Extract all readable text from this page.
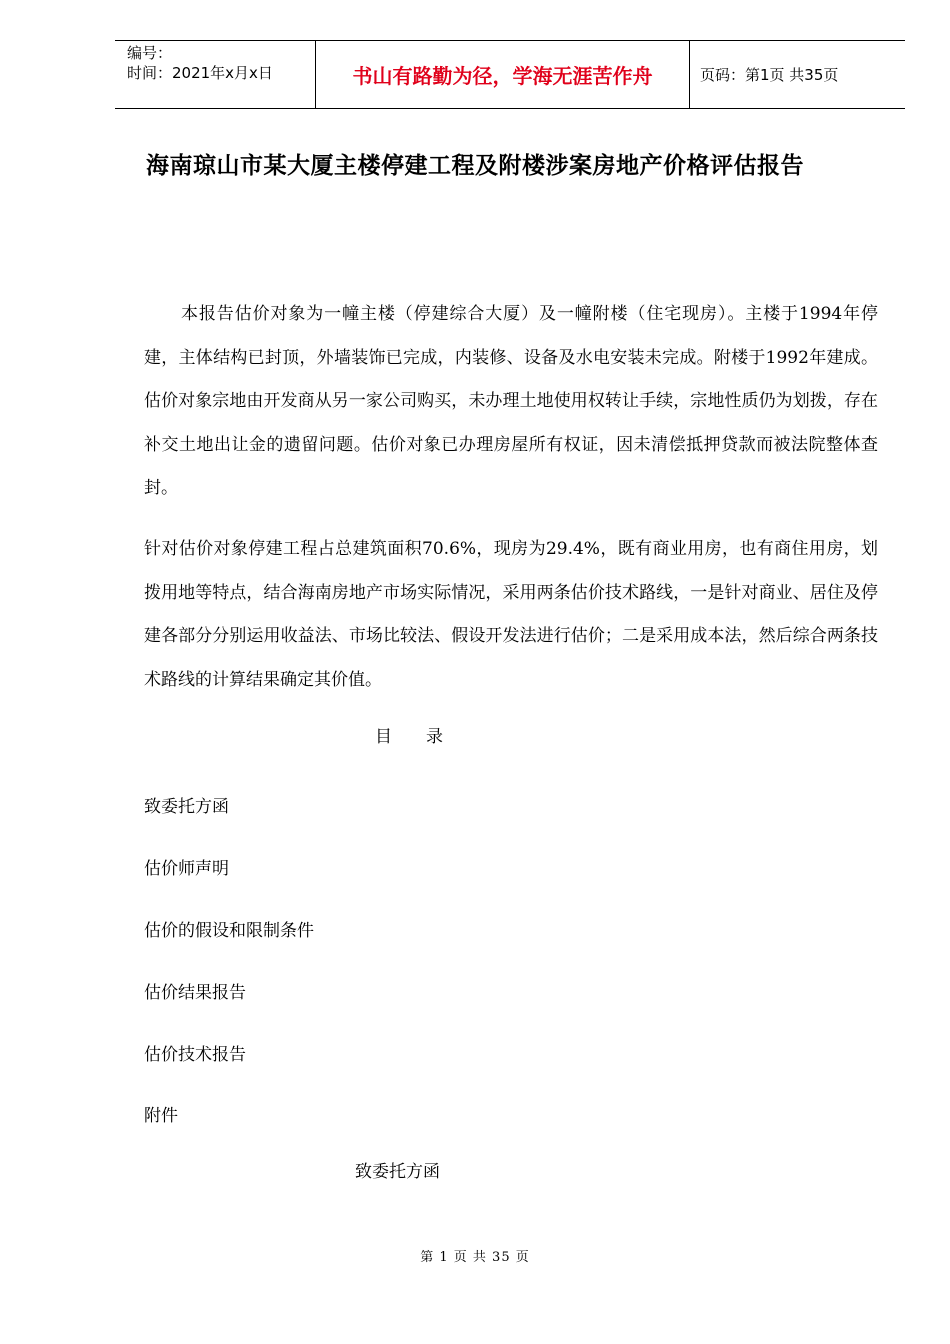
编号：
时间：2021年x月x日	书山有路勤为径，学海无涯苦作舟	页码：第1页 共35页
海南琼山市某大厦主楼停建工程及附楼涉案房地产价格评估报告
本报告估价对象为一幢主楼（停建综合大厦）及一幢附楼（住宅现房）。主楼于1994年停建，主体结构已封顶，外墙装饰已完成，内装修、设备及水电安装未完成。附楼于1992年建成。估价对象宗地由开发商从另一家公司购买，未办理土地使用权转让手续，宗地性质仍为划拨，存在补交土地出让金的遗留问题。估价对象已办理房屋所有权证，因未清偿抵押贷款而被法院整体查封。
针对估价对象停建工程占总建筑面积70.6%，现房为29.4%，既有商业用房，也有商住用房，划拨用地等特点，结合海南房地产市场实际情况，采用两条估价技术路线，一是针对商业、居住及停建各部分分别运用收益法、市场比较法、假设开发法进行估价；二是采用成本法，然后综合两条技术路线的计算结果确定其价值。
目　　录
致委托方函
估价师声明
估价的假设和限制条件
估价结果报告
估价技术报告
附件
致委托方函
第 1 页 共 35 页
